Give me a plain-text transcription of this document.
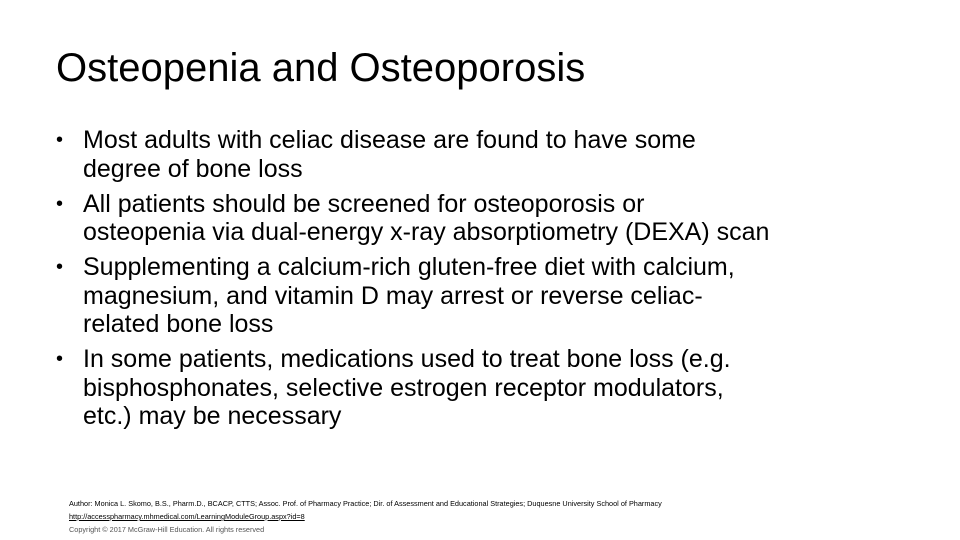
Osteopenia and Osteoporosis
• Most adults with celiac disease are found to have some
degree of bone loss
• All patients should be screened for osteoporosis or
osteopenia via dual-energy x-ray absorptiometry (DEXA) scan
• Supplementing a calcium-rich gluten-free diet with calcium,
magnesium, and vitamin D may arrest or reverse celiac-
related bone loss
• In some patients, medications used to treat bone loss (e.g.
bisphosphonates, selective estrogen receptor modulators,
etc.) may be necessary
Author: Monica L. Skomo, B.S., Pharm.D., BCACP, CTTS; Assoc. Prof. of Pharmacy Practice; Dir. of Assessment and Educational Strategies; Duquesne University School of Pharmacy
http://accesspharmacy.mhmedical.com/LearningModuleGroup.aspx?id=8
Copyright © 2017 McGraw-Hill Education. All rights reserved
